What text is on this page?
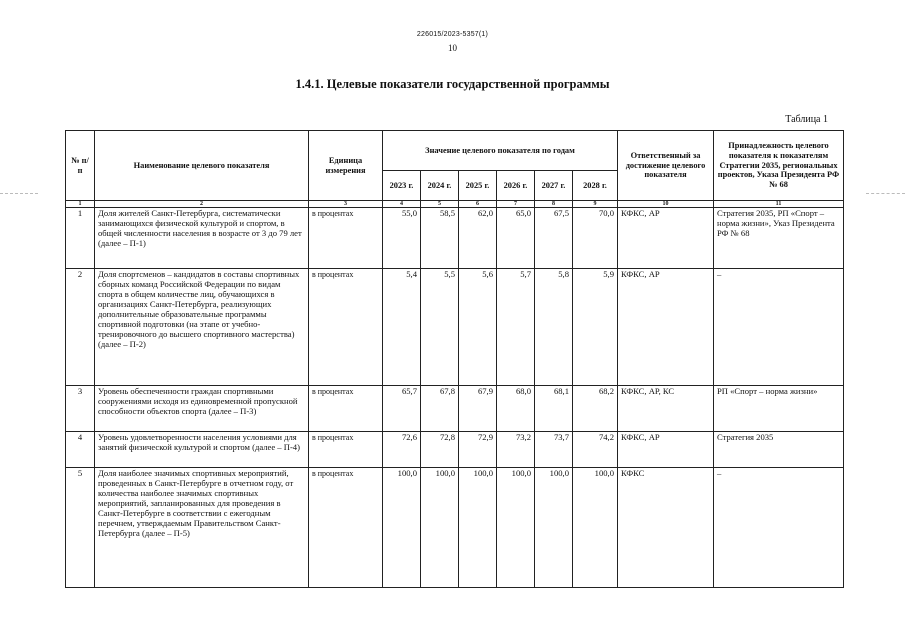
226015/2023-5357(1)
10
1.4.1. Целевые показатели государственной программы
Таблица 1
№ п/п	Наименование целевого показателя	Единица измерения	Значение целевого показателя по годам						Ответственный за достижение целевого показателя	Принадлежность целевого показателя к показателям Стратегии 2035, региональных проектов, Указа Президента РФ № 68
			2023 г.	2024 г.	2025 г.	2026 г.	2027 г.	2028 г.		
1	2	3	4	5	6	7	8	9	10	11
1	Доля жителей Санкт-Петербурга, систематически занимающихся физической культурой и спортом, в общей численности населения в возрасте от 3 до 79 лет (далее – П-1)	в процентах	55,0	58,5	62,0	65,0	67,5	70,0	КФКС, АР	Стратегия 2035, РП «Спорт – норма жизни», Указ Президента РФ № 68
2	Доля спортсменов – кандидатов в составы спортивных сборных команд Российской Федерации по видам спорта в общем количестве лиц, обучающихся в организациях Санкт-Петербурга, реализующих дополнительные образовательные программы спортивной подготовки (на этапе от учебно-тренировочного до высшего спортивного мастерства) (далее – П-2)	в процентах	5,4	5,5	5,6	5,7	5,8	5,9	КФКС, АР	–
3	Уровень обеспеченности граждан спортивными сооружениями исходя из единовременной пропускной способности объектов спорта (далее – П-3)	в процентах	65,7	67,8	67,9	68,0	68,1	68,2	КФКС, АР, КС	РП «Спорт – норма жизни»
4	Уровень удовлетворенности населения условиями для занятий физической культурой и спортом (далее – П-4)	в процентах	72,6	72,8	72,9	73,2	73,7	74,2	КФКС, АР	Стратегия 2035
5	Доля наиболее значимых спортивных мероприятий, проведенных в Санкт-Петербурге в отчетном году, от количества наиболее значимых спортивных мероприятий, запланированных для проведения в Санкт-Петербурге в соответствии с ежегодным перечнем, утверждаемым Правительством Санкт-Петербурга (далее – П-5)	в процентах	100,0	100,0	100,0	100,0	100,0	100,0	КФКС	–
